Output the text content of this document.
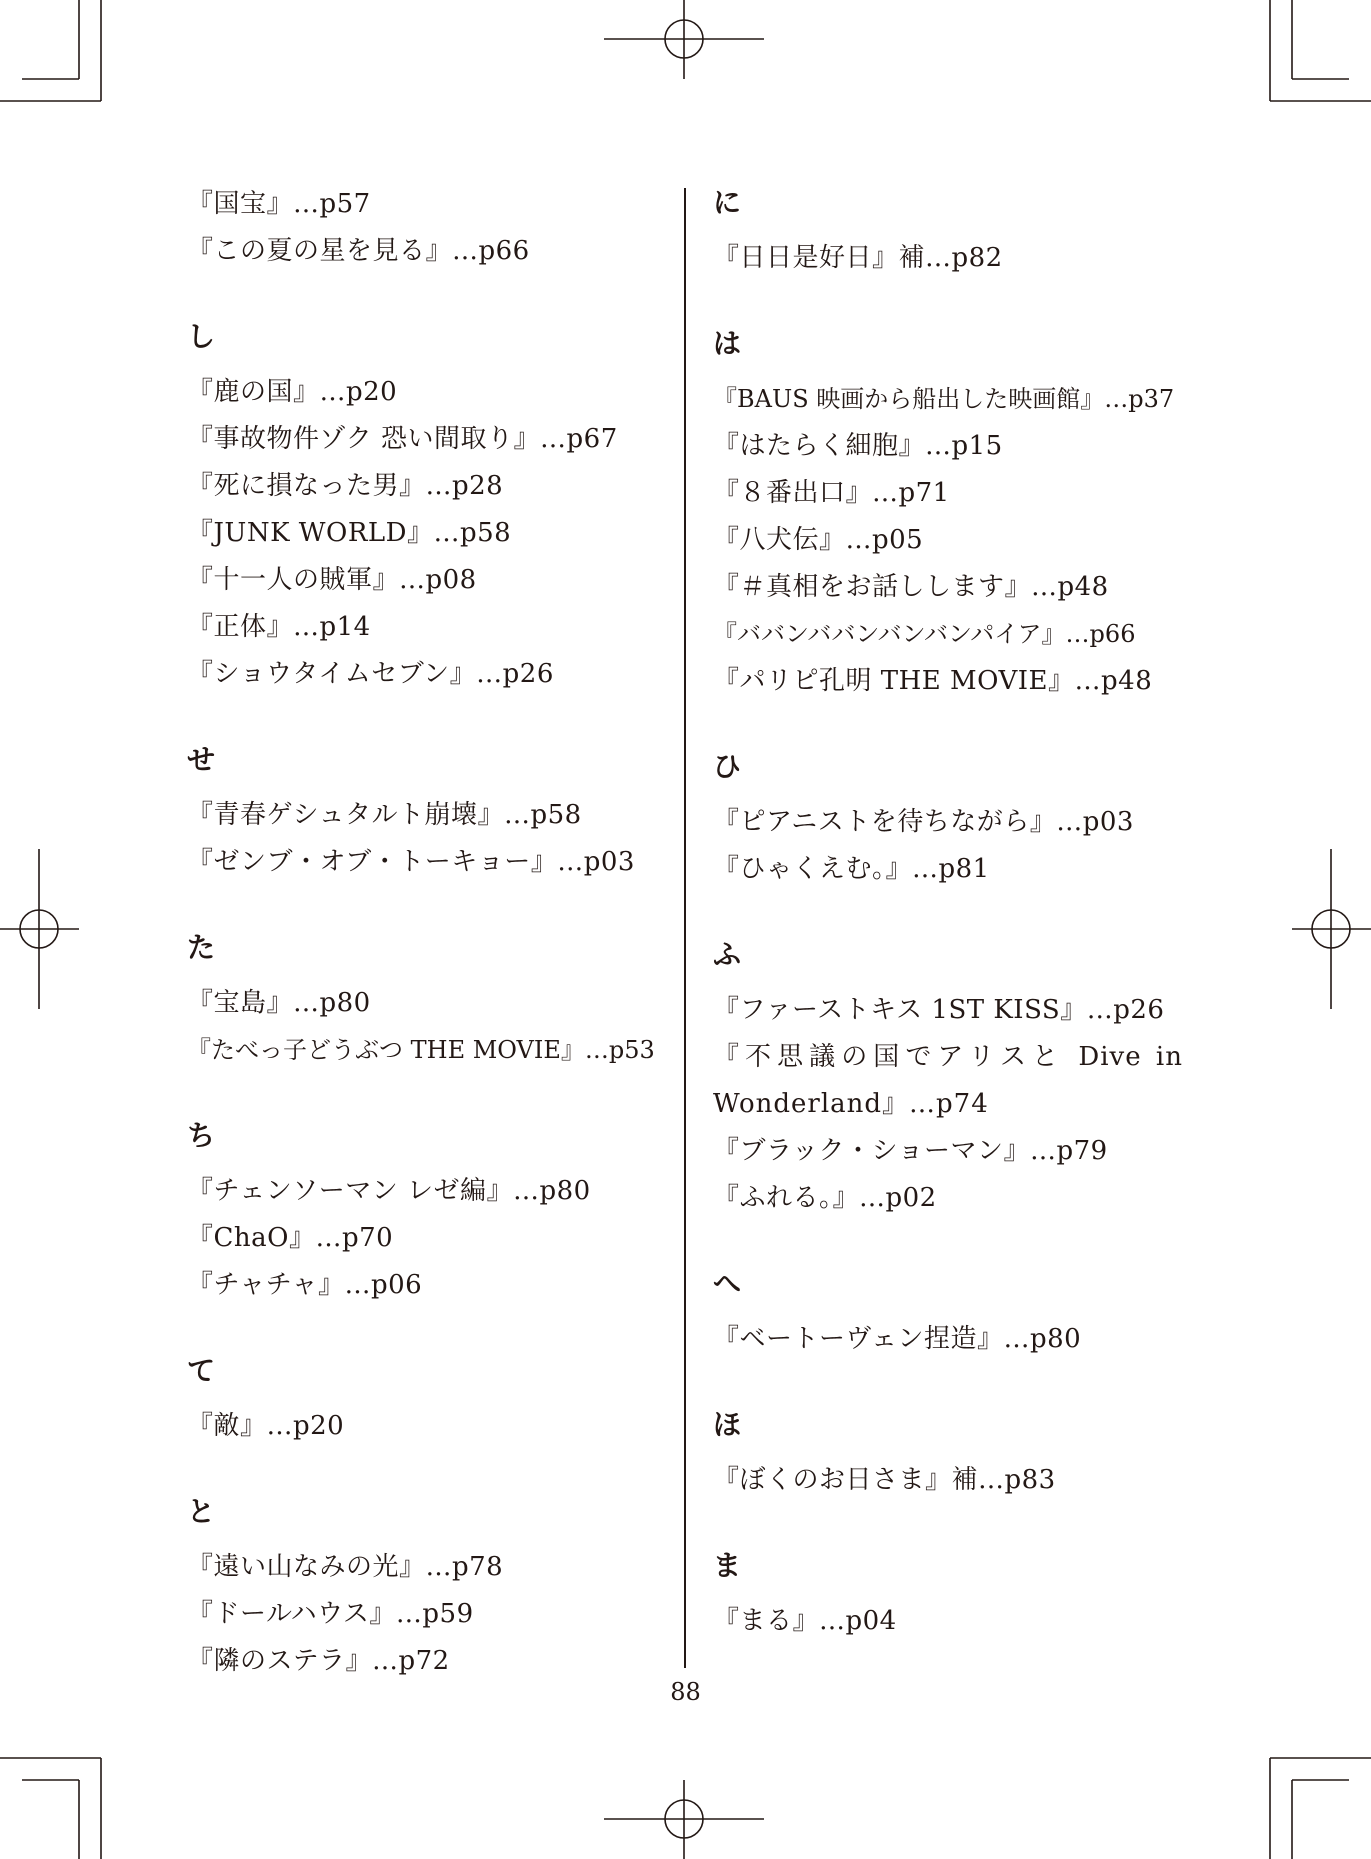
『国宝』…p57
『この夏の星を見る』…p66
し
『鹿の国』…p20
『事故物件ゾク 恐い間取り』…p67
『死に損なった男』…p28
『JUNK WORLD』…p58
『十一人の賊軍』…p08
『正体』…p14
『ショウタイムセブン』…p26
せ
『青春ゲシュタルト崩壊』…p58
『ゼンブ・オブ・トーキョー』…p03
た
『宝島』…p80
『たべっ子どうぶつ THE MOVIE』…p53
ち
『チェンソーマン レゼ編』…p80
『ChaO』…p70
『チャチャ』…p06
て
『敵』…p20
と
『遠い山なみの光』…p78
『ドールハウス』…p59
『隣のステラ』…p72
に
『日日是好日』補…p82
は
『BAUS 映画から船出した映画館』…p37
『はたらく細胞』…p15
『８番出口』…p71
『八犬伝』…p05
『＃真相をお話しします』…p48
『ババンババンバンバンパイア』…p66
『パリピ孔明 THE MOVIE』…p48
ひ
『ピアニストを待ちながら』…p03
『ひゃくえむ。』…p81
ふ
『ファーストキス 1ST KISS』…p26
『不思議の国でアリスと Dive in Wonderland』…p74
『ブラック・ショーマン』…p79
『ふれる。』…p02
へ
『ベートーヴェン捏造』…p80
ほ
『ぼくのお日さま』補…p83
ま
『まる』…p04
88
